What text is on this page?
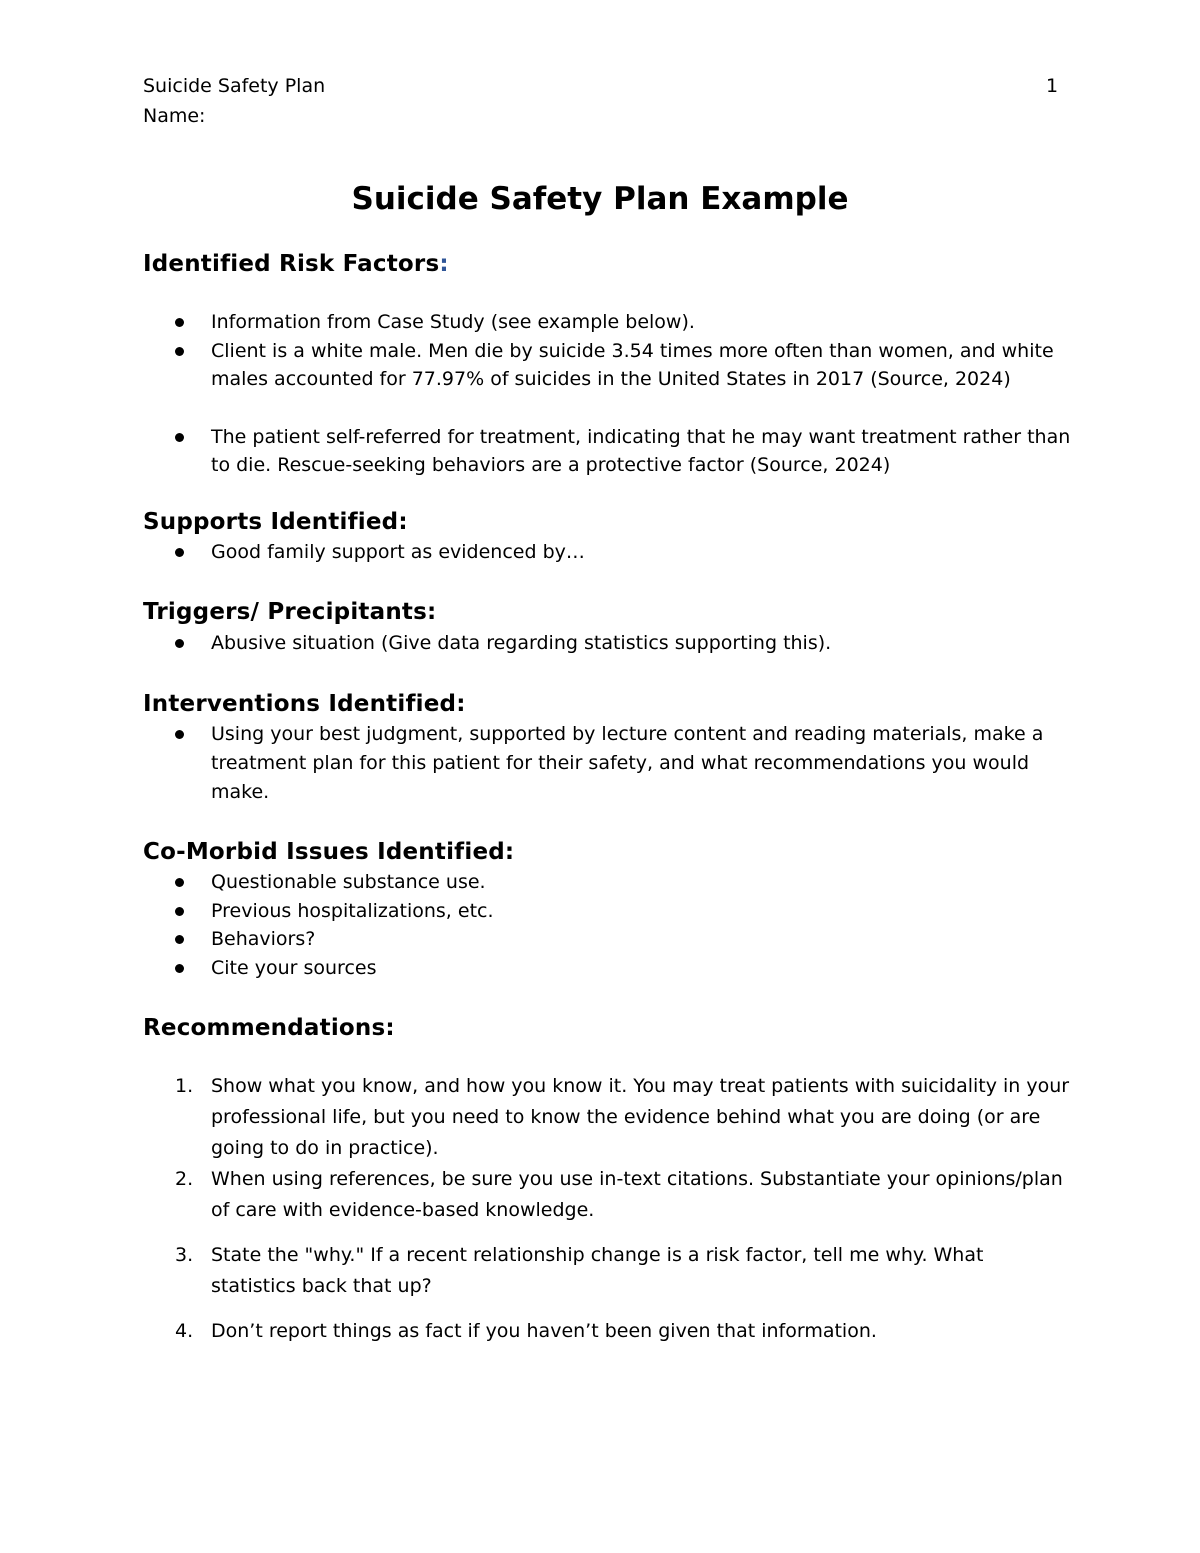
Suicide Safety Plan	1
Name:
Suicide Safety Plan Example
Identified Risk Factors:
Information from Case Study (see example below).
Client is a white male. Men die by suicide 3.54 times more often than women, and white males accounted for 77.97% of suicides in the United States in 2017 (Source, 2024)
The patient self-referred for treatment, indicating that he may want treatment rather than to die. Rescue-seeking behaviors are a protective factor (Source, 2024)
Supports Identified:
Good family support as evidenced by…
Triggers/ Precipitants:
Abusive situation (Give data regarding statistics supporting this).
Interventions Identified:
Using your best judgment, supported by lecture content and reading materials, make a treatment plan for this patient for their safety, and what recommendations you would make.
Co-Morbid Issues Identified:
Questionable substance use.
Previous hospitalizations, etc.
Behaviors?
Cite your sources
Recommendations:
1. Show what you know, and how you know it. You may treat patients with suicidality in your professional life, but you need to know the evidence behind what you are doing (or are going to do in practice).
2. When using references, be sure you use in-text citations. Substantiate your opinions/plan of care with evidence-based knowledge.
3. State the "why." If a recent relationship change is a risk factor, tell me why. What statistics back that up?
4. Don’t report things as fact if you haven’t been given that information.
